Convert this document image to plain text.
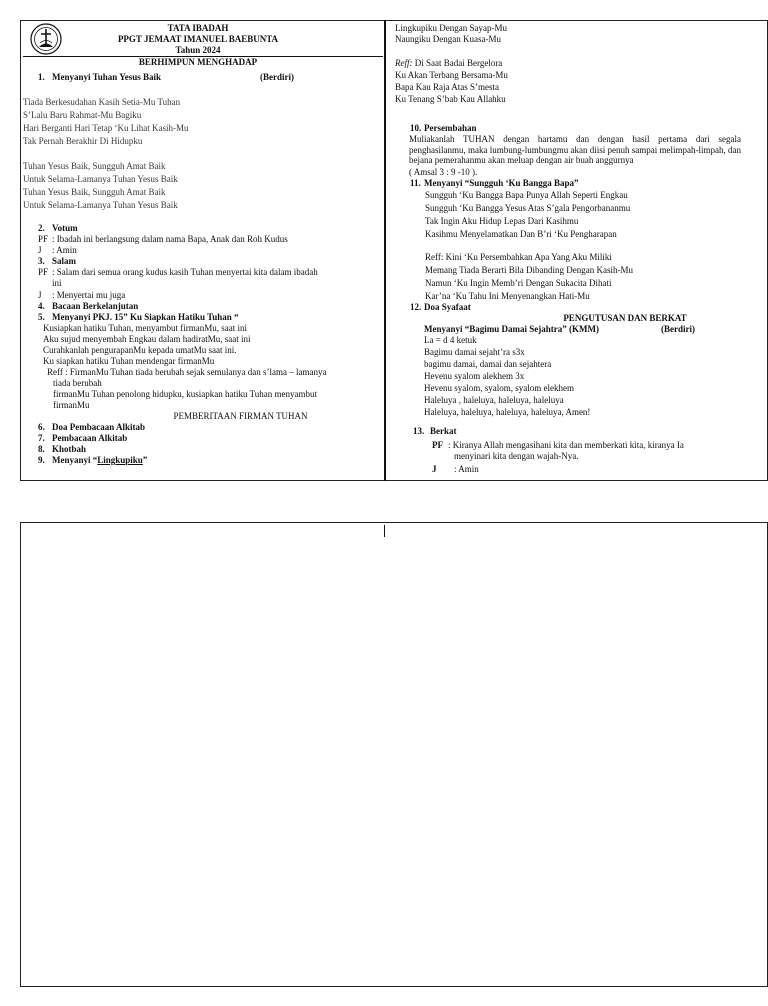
TATA IBADAH
PPGT JEMAAT IMANUEL BAEBUNTA
Tahun 2024
BERHIMPUN MENGHADAP
1. Menyanyi Tuhan Yesus Baik	(Berdiri)
Tiada Berkesudahan Kasih Setia-Mu Tuhan
S’Lalu Baru Rahmat-Mu Bagiku
Hari Berganti Hari Tetap ‘Ku Lihat Kasih-Mu
Tak Pernah Berakhir Di Hidupku
Tuhan Yesus Baik, Sungguh Amat Baik
Untuk Selama-Lamanya Tuhan Yesus Baik
Tuhan Yesus Baik, Sungguh Amat Baik
Untuk Selama-Lamanya Tuhan Yesus Baik
2. Votum
PF : Ibadah ini berlangsung dalam nama Bapa, Anak dan Roh Kudus
J : Amin
3. Salam
PF : Salam dari semua orang kudus kasih Tuhan menyertai kita dalam ibadah
ini
J : Menyertai mu juga
4. Bacaan Berkelanjutan
5. Menyanyi PKJ. 15” Ku Siapkan Hatiku Tuhan “
Kusiapkan hatiku Tuhan, menyambut firmanMu, saat ini
Aku sujud menyembah Engkau dalam hadiratMu, saat ini
Curahkanlah pengurapanMu kepada umatMu saat ini.
Ku siapkan hatiku Tuhan mendengar firmanMu
Reff : FirmanMu Tuhan tiada berubah sejak semulanya dan s’lama – lamanya
tiada berubah
firmanMu Tuhan penolong hidupku, kusiapkan hatiku Tuhan menyambut
firmanMu
PEMBERITAAN FIRMAN TUHAN
6. Doa Pembacaan Alkitab
7. Pembacaan Alkitab
8. Khotbah
9. Menyanyi “Lingkupiku”
Lingkupiku Dengan Sayap-Mu
Naungiku Dengan Kuasa-Mu
Reff: Di Saat Badai Bergelora
Ku Akan Terbang Bersama-Mu
Bapa Kau Raja Atas S’mesta
Ku Tenang S’bab Kau Allahku
10. Persembahan
Muliakanlah TUHAN dengan hartamu dan dengan hasil pertama dari segala penghasilanmu, maka lumbung-lumbungmu akan diisi penuh sampai melimpah-limpah, dan bejana pemerahanmu akan meluap dengan air buah anggurnya
( Amsal 3 : 9 -10 ).
11. Menyanyi “Sungguh ‘Ku Bangga Bapa”
Sungguh ‘Ku Bangga Bapa Punya Allah Seperti Engkau
Sungguh ‘Ku Bangga Yesus Atas S’gala Pengorbananmu
Tak Ingin Aku Hidup Lepas Dari Kasihmu
Kasihmu Menyelamatkan Dan B’ri ‘Ku Pengharapan
Reff: Kini ‘Ku Persembahkan Apa Yang Aku Miliki
Memang Tiada Berarti Bila Dibanding Dengan Kasih-Mu
Namun ‘Ku Ingin Memb’ri Dengan Sukacita Dihati
Kar’na ‘Ku Tahu Ini Menyenangkan Hati-Mu
12. Doa Syafaat
PENGUTUSAN DAN BERKAT
Menyanyi “Bagimu Damai Sejahtra” (KMM)	(Berdiri)
La = d 4 ketuk
Bagimu damai sejaht’ra s3x
bagimu damai, damai dan sejahtera
Hevenu syalom alekhem 3x
Hevenu syalom, syalom, syalom elekhem
Haleluya , haleluya, haleluya, haleluya
Haleluya, haleluya, haleluya, haleluya, Amen!
13. Berkat
PF : Kiranya Allah mengasihani kita dan memberkati kita, kiranya Ia
menyinari kita dengan wajah-Nya.
J : Amin
